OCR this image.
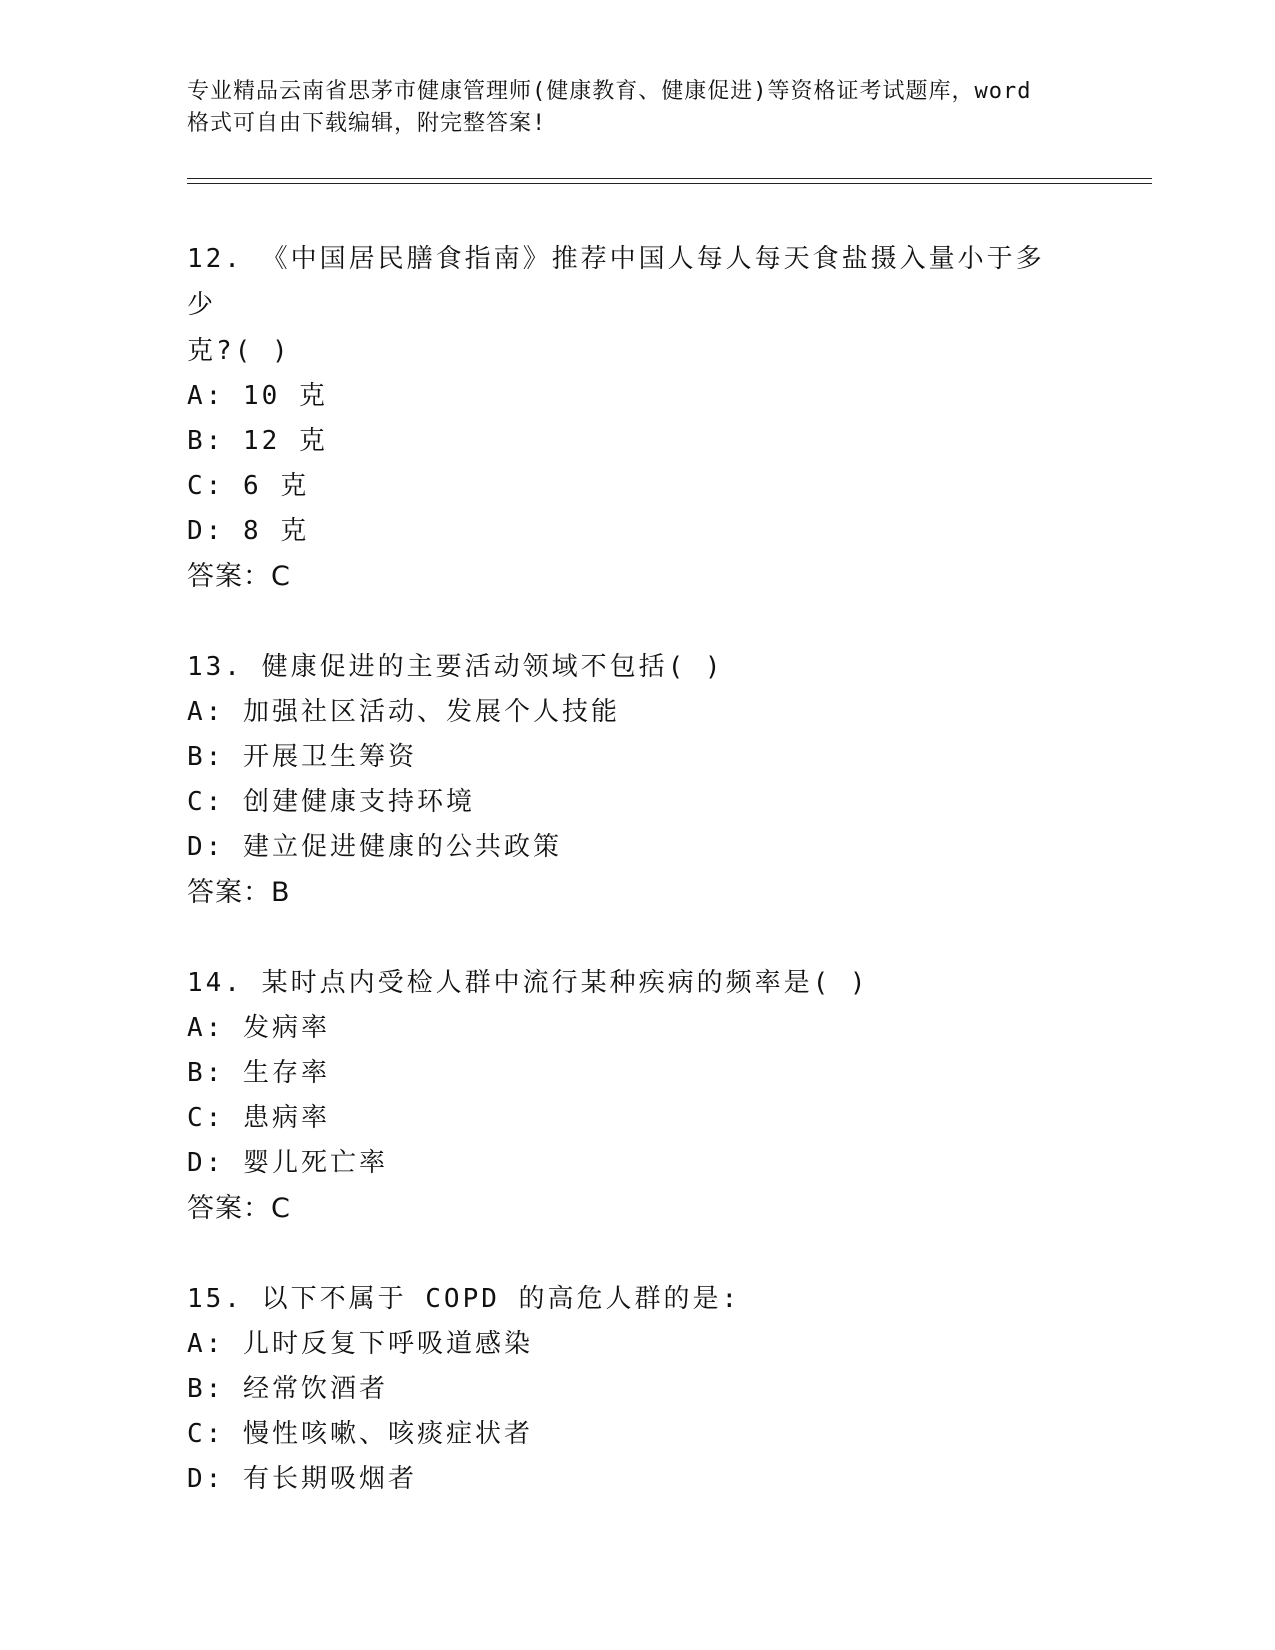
专业精品云南省思茅市健康管理师(健康教育、健康促进)等资格证考试题库，word
格式可自由下载编辑，附完整答案!
12. 《中国居民膳食指南》推荐中国人每人每天食盐摄入量小于多少
克?( )
A: 10 克
B: 12 克
C: 6 克
D: 8 克
答案：C
13. 健康促进的主要活动领域不包括( )
A: 加强社区活动、发展个人技能
B: 开展卫生筹资
C: 创建健康支持环境
D: 建立促进健康的公共政策
答案：B
14. 某时点内受检人群中流行某种疾病的频率是( )
A: 发病率
B: 生存率
C: 患病率
D: 婴儿死亡率
答案：C
15. 以下不属于 COPD 的高危人群的是:
A: 儿时反复下呼吸道感染
B: 经常饮酒者
C: 慢性咳嗽、咳痰症状者
D: 有长期吸烟者
